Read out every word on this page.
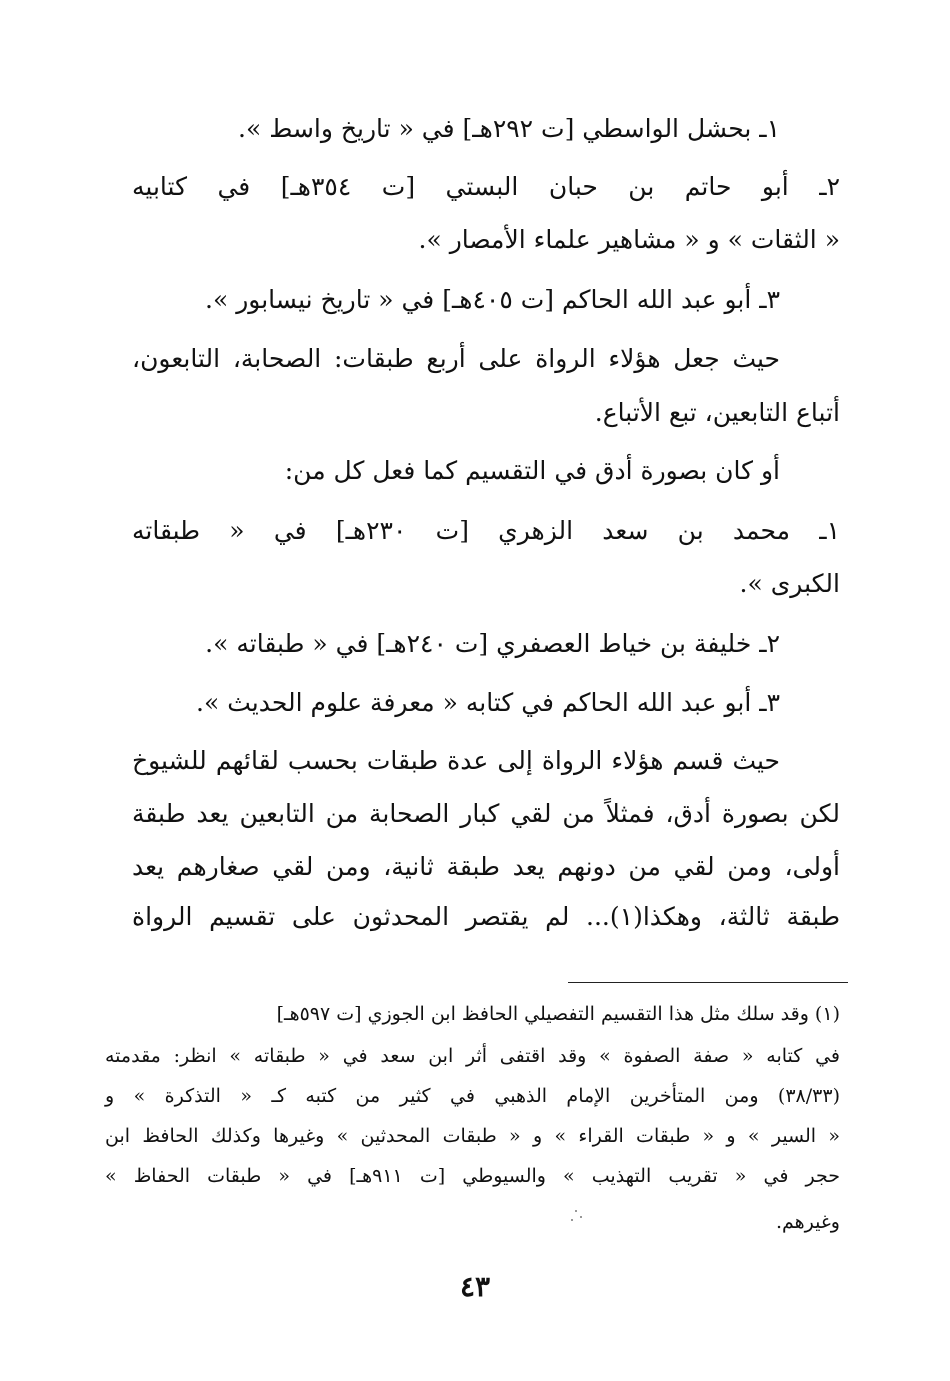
١ـ بحشل الواسطي [ت ٢٩٢هـ] في « تاريخ واسط ».
٢ـ أبو حاتم بن حبان البستي [ت ٣٥٤هـ] في كتابيه
« الثقات » و « مشاهير علماء الأمصار ».
٣ـ أبو عبد الله الحاكم [ت ٤٠٥هـ] في « تاريخ نيسابور ».
حيث جعل هؤلاء الرواة على أربع طبقات: الصحابة، التابعون،
أتباع التابعين، تبع الأتباع.
أو كان بصورة أدق في التقسيم كما فعل كل من:
١ـ محمد بن سعد الزهري [ت ٢٣٠هـ] في « طبقاته
الكبرى ».
٢ـ خليفة بن خياط العصفري [ت ٢٤٠هـ] في « طبقاته ».
٣ـ أبو عبد الله الحاكم في كتابه « معرفة علوم الحديث ».
حيث قسم هؤلاء الرواة إلى عدة طبقات بحسب لقائهم للشيوخ
لكن بصورة أدق، فمثلاً من لقي كبار الصحابة من التابعين يعد طبقة
أولى، ومن لقي من دونهم يعد طبقة ثانية، ومن لقي صغارهم يعد
طبقة ثالثة، وهكذا(١)... لم يقتصر المحدثون على تقسيم الرواة
(١) وقد سلك مثل هذا التقسيم التفصيلي الحافظ ابن الجوزي [ت ٥٩٧هـ]
في كتابه « صفة الصفوة » وقد اقتفى أثر ابن سعد في « طبقاته » انظر: مقدمته
(٣٨/٣٣) ومن المتأخرين الإمام الذهبي في كثير من كتبه كـ « التذكرة » و
« السير » و « طبقات القراء » و « طبقات المحدثين » وغيرها وكذلك الحافظ ابن
حجر في « تقريب التهذيب » والسيوطي [ت ٩١١هـ] في « طبقات الحفاظ »
وغيرهم.
٤٣
